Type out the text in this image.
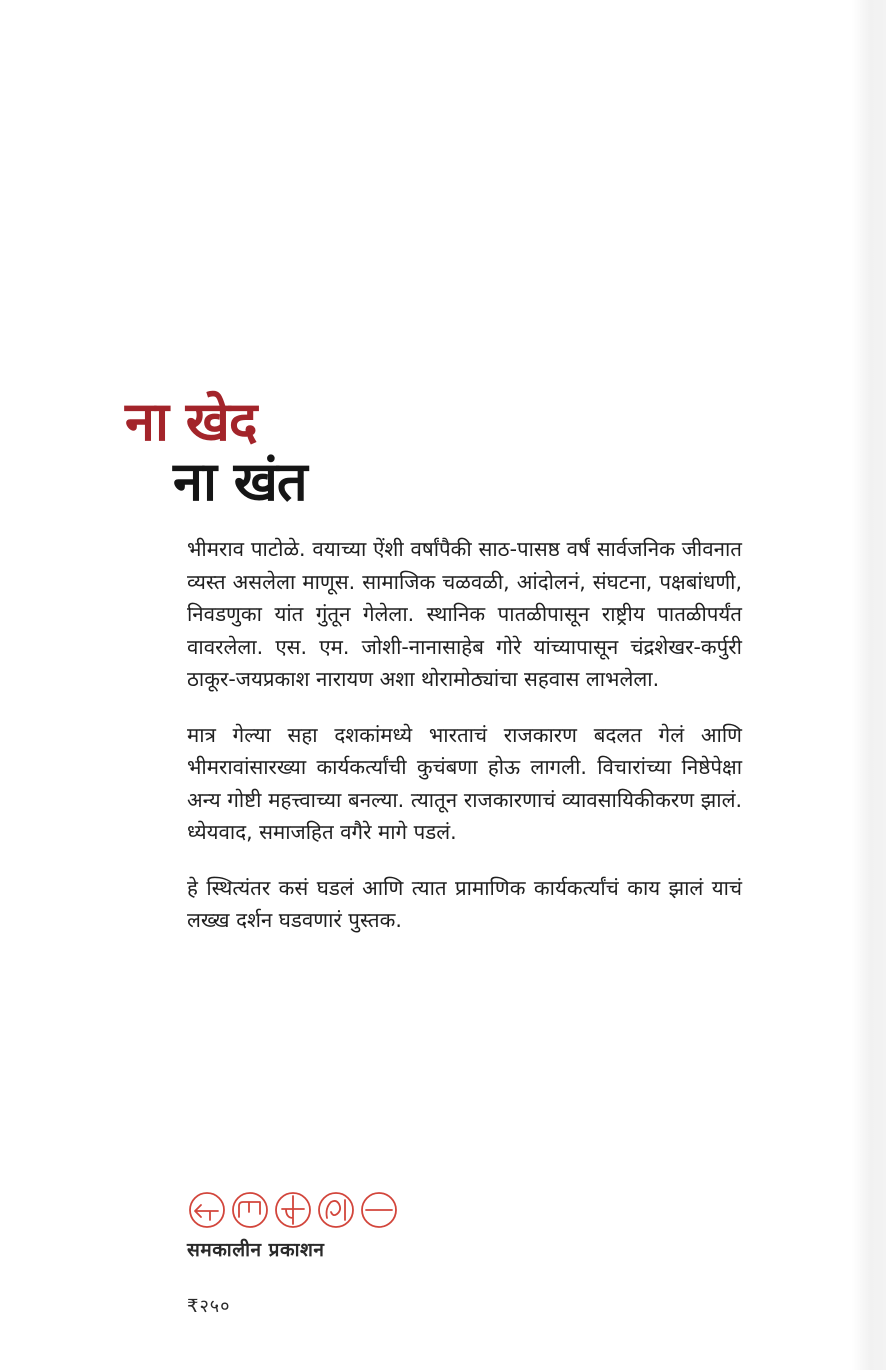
ना खेद
ना खंत

भीमराव पाटोळे. वयाच्या ऐंशी वर्षांपैकी साठ-पासष्ठ वर्षं सार्वजनिक जीवनात व्यस्त असलेला माणूस. सामाजिक चळवळी, आंदोलनं, संघटना, पक्षबांधणी, निवडणुका यांत गुंतून गेलेला. स्थानिक पातळीपासून राष्ट्रीय पातळीपर्यंत वावरलेला. एस. एम. जोशी-नानासाहेब गोरे यांच्यापासून चंद्रशेखर-कर्पुरी ठाकूर-जयप्रकाश नारायण अशा थोरामोठ्यांचा सहवास लाभलेला.

मात्र गेल्या सहा दशकांमध्ये भारताचं राजकारण बदलत गेलं आणि भीमरावांसारख्या कार्यकर्त्यांची कुचंबणा होऊ लागली. विचारांच्या निष्ठेपेक्षा अन्य गोष्टी महत्त्वाच्या बनल्या. त्यातून राजकारणाचं व्यावसायिकीकरण झालं. ध्येयवाद, समाजहित वगैरे मागे पडलं.

हे स्थित्यंतर कसं घडलं आणि त्यात प्रामाणिक कार्यकर्त्यांचं काय झालं याचं लख्ख दर्शन घडवणारं पुस्तक.

समकालीन प्रकाशन
₹२५०
